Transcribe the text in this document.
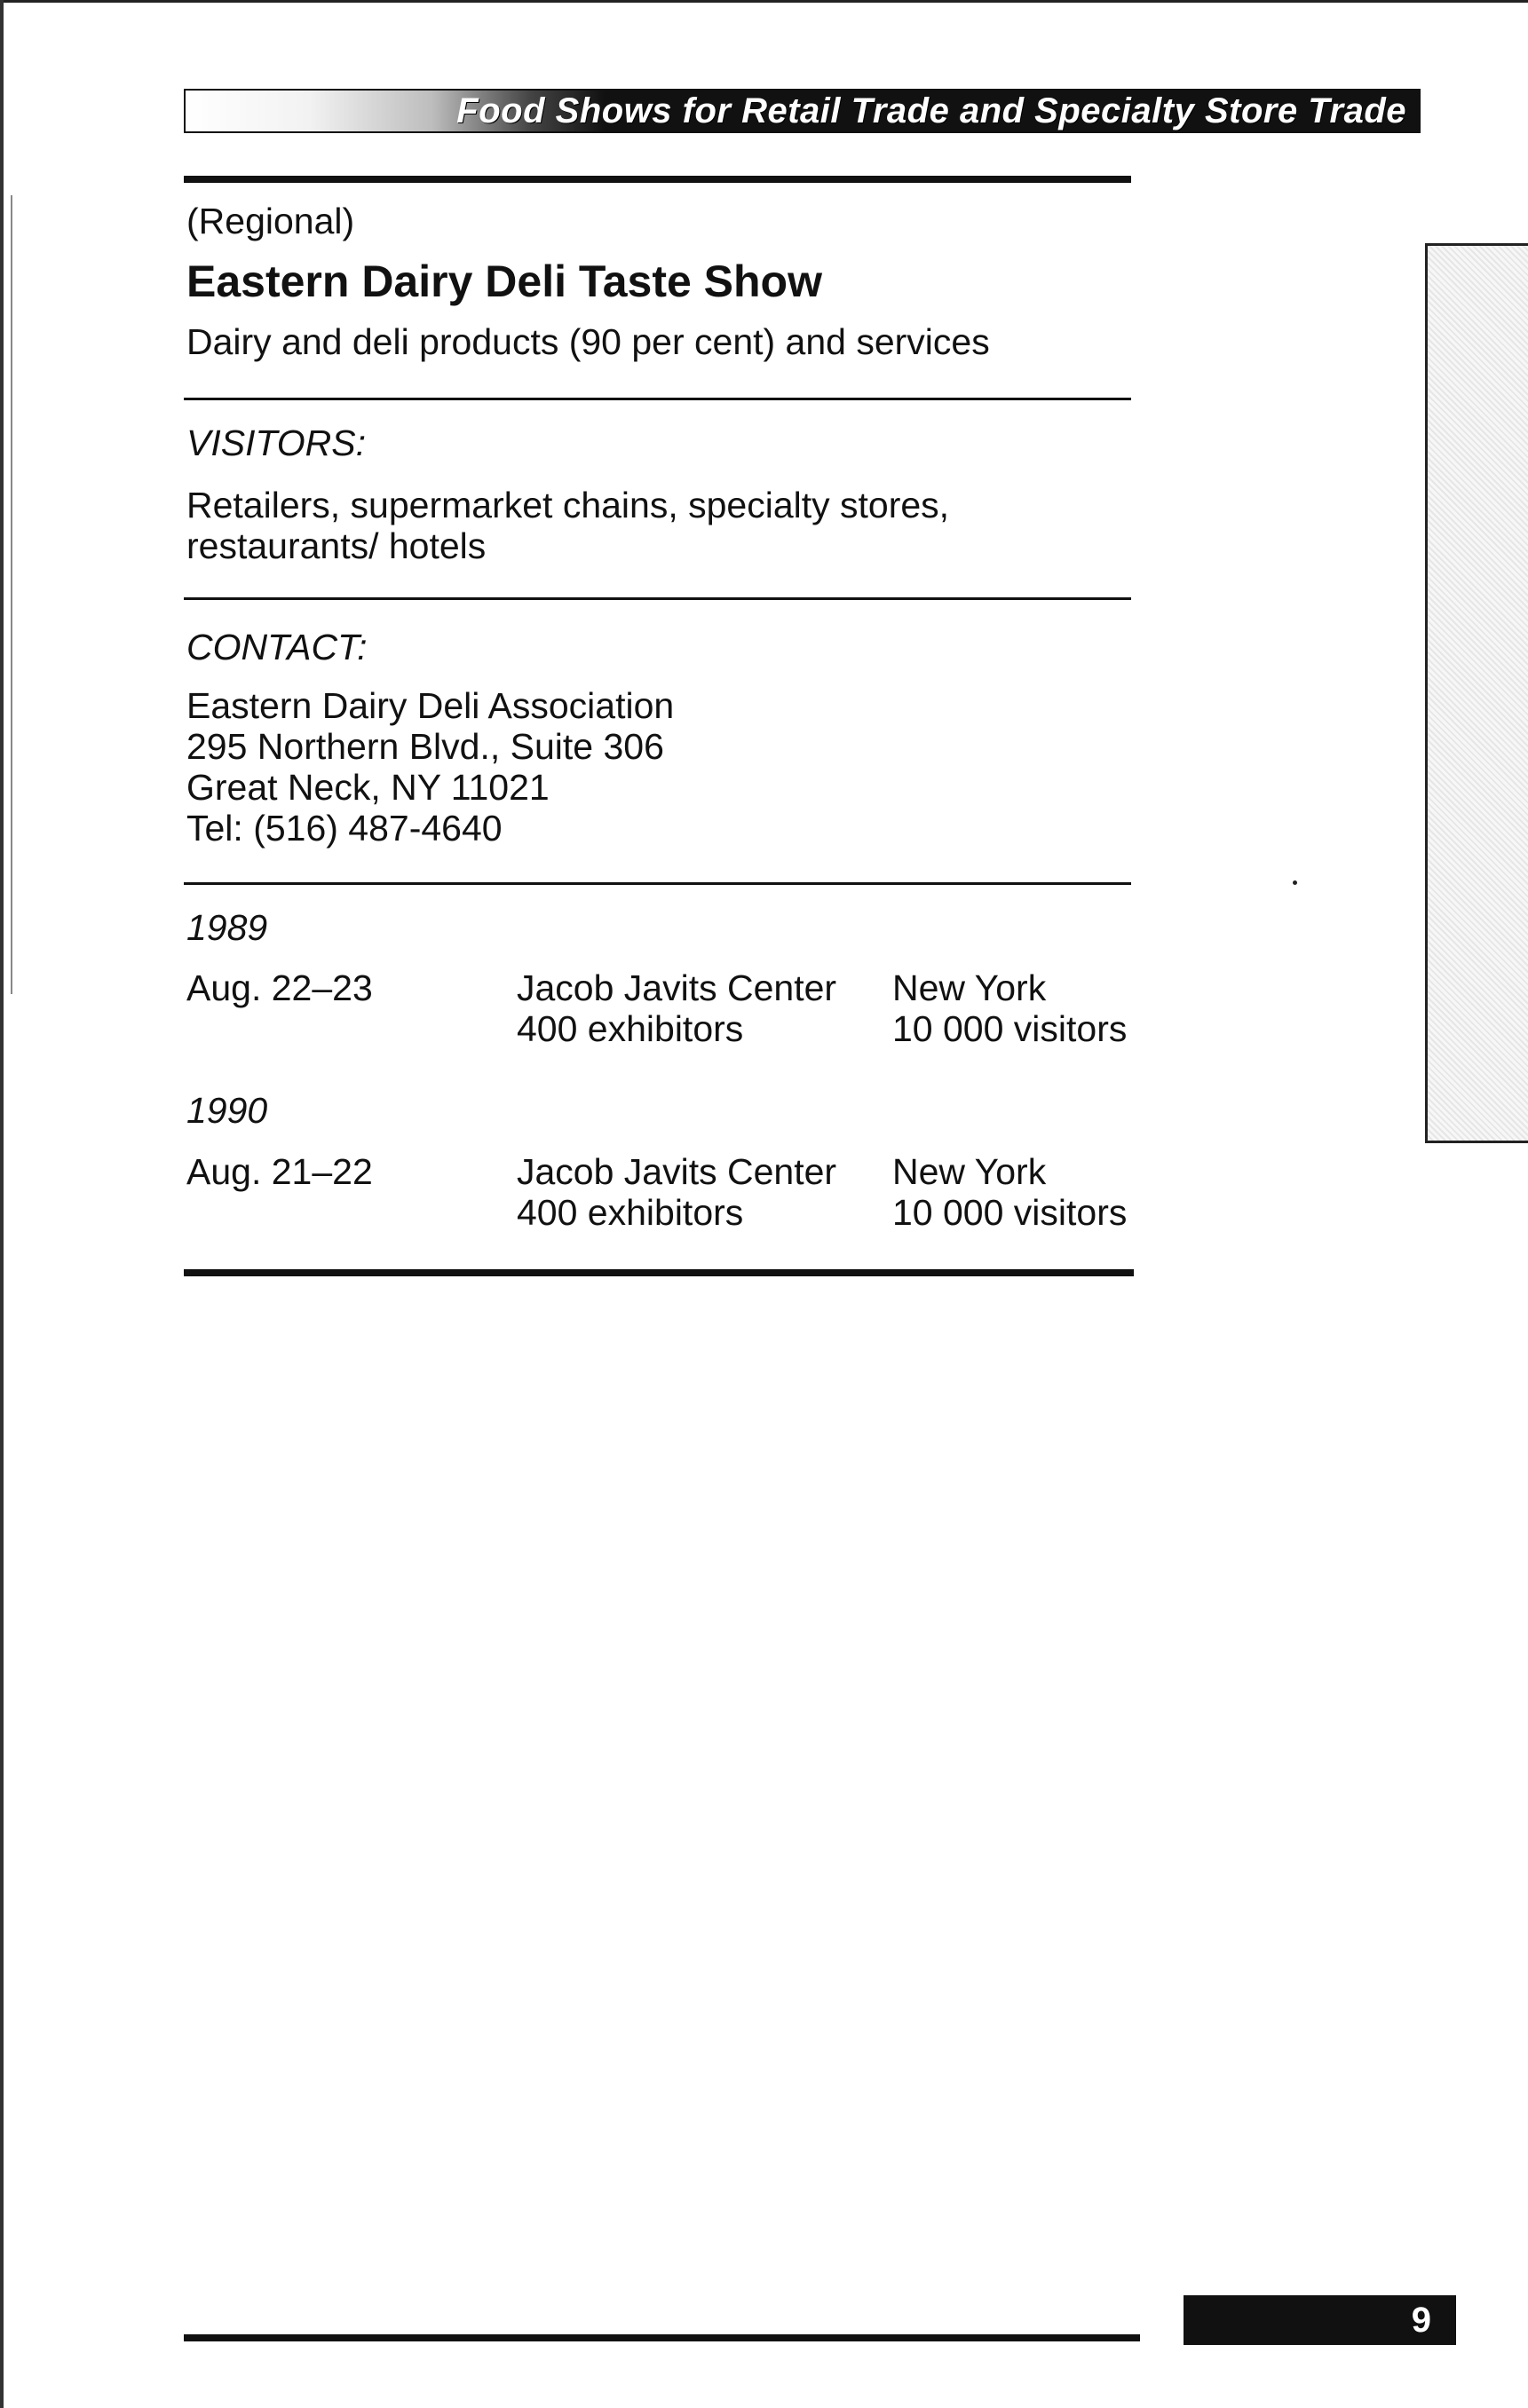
Food Shows for Retail Trade and Specialty Store Trade
(Regional)
Eastern Dairy Deli Taste Show
Dairy and deli products (90 per cent) and services
VISITORS:
Retailers, supermarket chains, specialty stores, restaurants/ hotels
CONTACT:
Eastern Dairy Deli Association
295 Northern Blvd., Suite 306
Great Neck, NY 11021
Tel: (516) 487-4640
1989
Aug. 22–23	Jacob Javits Center
400 exhibitors
New York
10 000 visitors
1990
Aug. 21–22	Jacob Javits Center
400 exhibitors
New York
10 000 visitors
9
